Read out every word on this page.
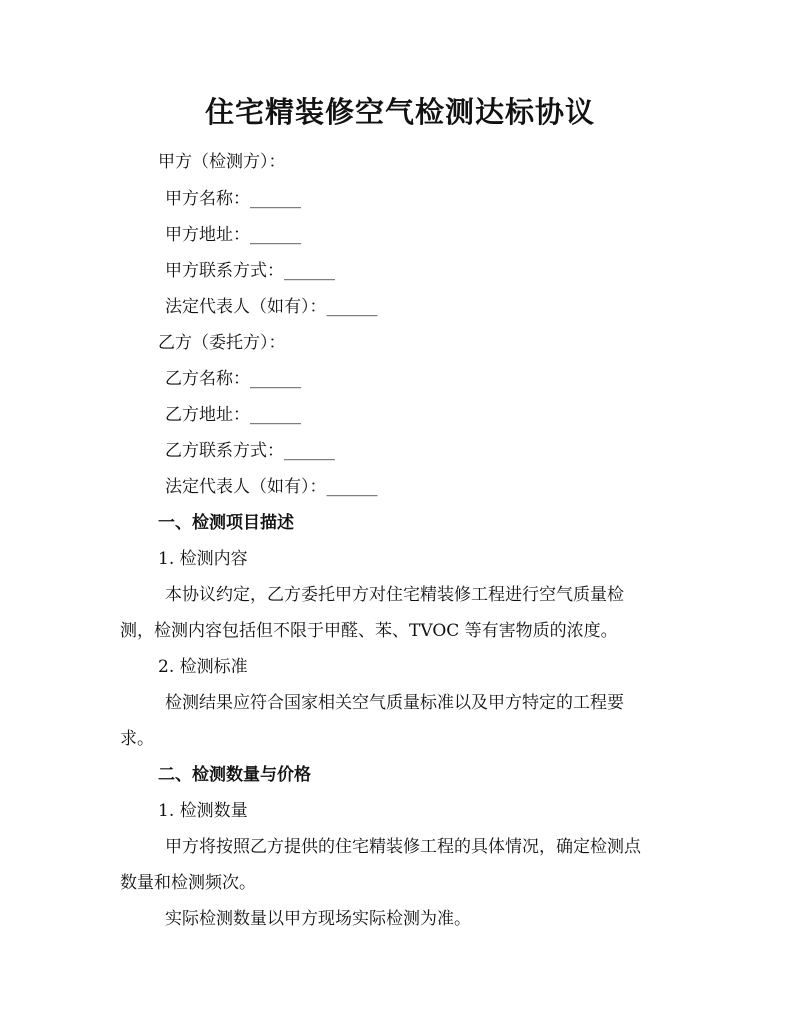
住宅精装修空气检测达标协议
甲方（检测方）：
甲方名称：______
甲方地址：______
甲方联系方式：______
法定代表人（如有）：______
乙方（委托方）：
乙方名称：______
乙方地址：______
乙方联系方式：______
法定代表人（如有）：______
一、检测项目描述
1. 检测内容
本协议约定，乙方委托甲方对住宅精装修工程进行空气质量检
测，检测内容包括但不限于甲醛、苯、TVOC 等有害物质的浓度。
2. 检测标准
检测结果应符合国家相关空气质量标准以及甲方特定的工程要
求。
二、检测数量与价格
1. 检测数量
甲方将按照乙方提供的住宅精装修工程的具体情况，确定检测点
数量和检测频次。
实际检测数量以甲方现场实际检测为准。
